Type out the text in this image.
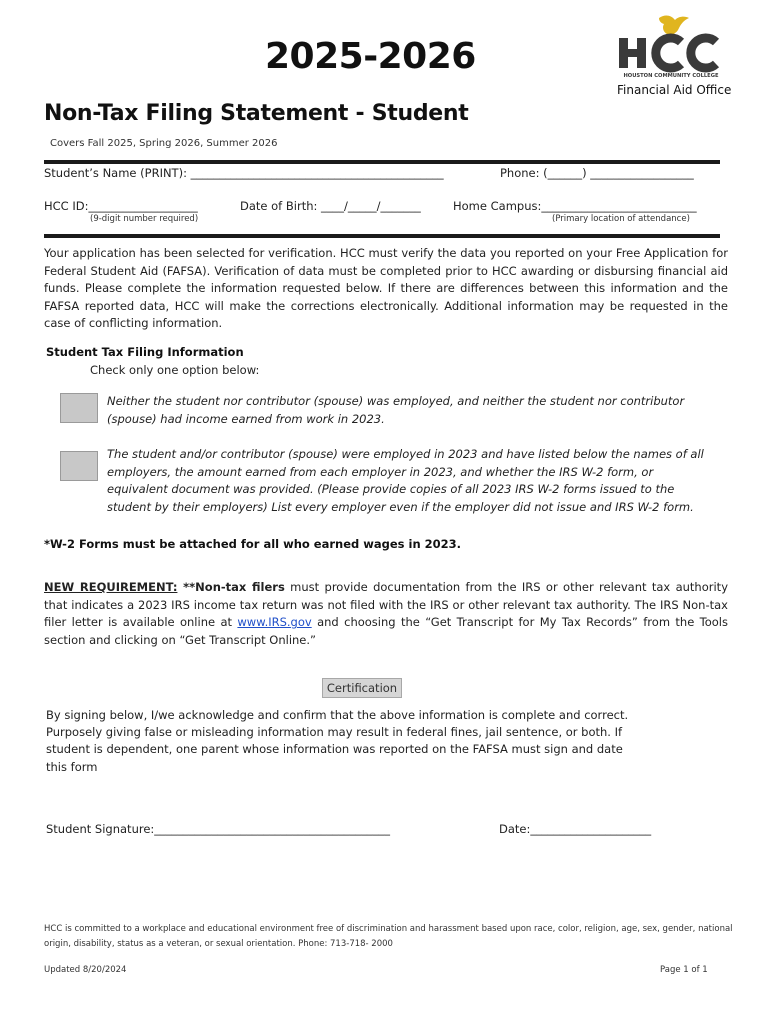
2025-2026	HOUSTON COMMUNITY COLLEGE
Financial Aid Office
Non-Tax Filing Statement - Student
Covers Fall 2025, Spring 2026, Summer 2026
Student’s Name (PRINT): ____________________________________________	Phone: (______) __________________
HCC ID:___________________
(9-digit number required)
Date of Birth: ____/_____/_______	Home Campus:___________________________
(Primary location of attendance)
Your application has been selected for verification. HCC must verify the data you reported on your Free Application for Federal Student Aid (FAFSA). Verification of data must be completed prior to HCC awarding or disbursing financial aid funds. Please complete the information requested below. If there are differences between this information and the FAFSA reported data, HCC will make the corrections electronically. Additional information may be requested in the case of conflicting information.
Student Tax Filing Information
Check only one option below:
Neither the student nor contributor (spouse) was employed, and neither the student nor contributor (spouse) had income earned from work in 2023.
The student and/or contributor (spouse) were employed in 2023 and have listed below the names of all employers, the amount earned from each employer in 2023, and whether the IRS W-2 form, or equivalent document was provided. (Please provide copies of all 2023 IRS W-2 forms issued to the student by their employers) List every employer even if the employer did not issue and IRS W-2 form.
*W-2 Forms must be attached for all who earned wages in 2023.
NEW REQUIREMENT: **Non-tax filers must provide documentation from the IRS or other relevant tax authority that indicates a 2023 IRS income tax return was not filed with the IRS or other relevant tax authority. The IRS Non-tax filer letter is available online at www.IRS.gov and choosing the “Get Transcript for My Tax Records” from the Tools section and clicking on “Get Transcript Online.”
Certification
By signing below, I/we acknowledge and confirm that the above information is complete and correct. Purposely giving false or misleading information may result in federal fines, jail sentence, or both. If student is dependent, one parent whose information was reported on the FAFSA must sign and date this form
Student Signature:_________________________________________	Date:_____________________
HCC is committed to a workplace and educational environment free of discrimination and harassment based upon race, color, religion, age, sex, gender, national origin, disability, status as a veteran, or sexual orientation. Phone: 713-718- 2000
Updated 8/20/2024	Page 1 of 1
